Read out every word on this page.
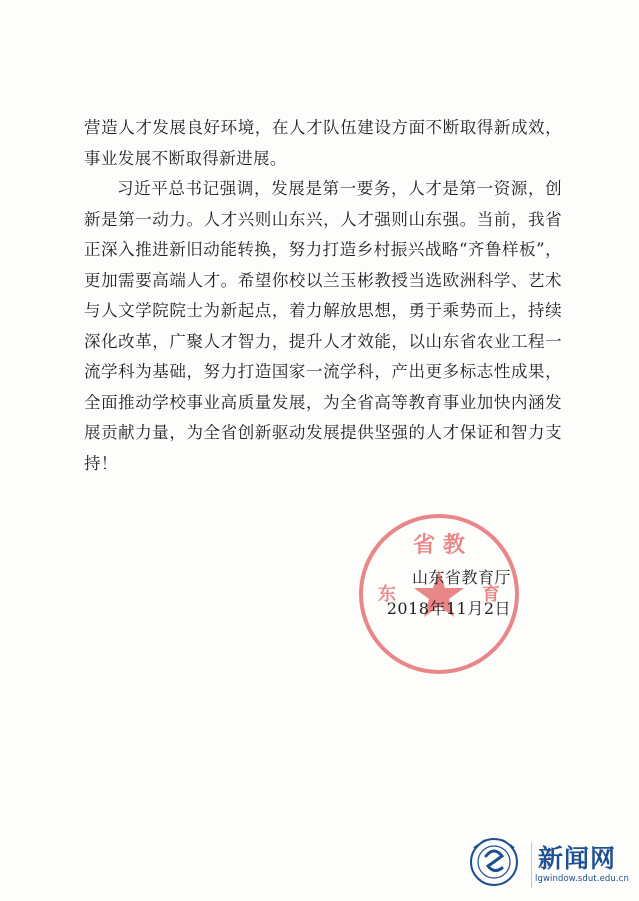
营造人才发展良好环境，在人才队伍建设方面不断取得新成效，事业发展不断取得新进展。

习近平总书记强调，发展是第一要务，人才是第一资源，创新是第一动力。人才兴则山东兴，人才强则山东强。当前，我省正深入推进新旧动能转换，努力打造乡村振兴战略“齐鲁样板”，更加需要高端人才。希望你校以兰玉彬教授当选欧洲科学、艺术与人文学院院士为新起点，着力解放思想，勇于乘势而上，持续深化改革，广聚人才智力，提升人才效能，以山东省农业工程一流学科为基础，努力打造国家一流学科，产出更多标志性成果，全面推动学校事业高质量发展，为全省高等教育事业加快内涵发展贡献力量，为全省创新驱动发展提供坚强的人才保证和智力支持！

省 教
东	育
山东省教育厅
2018年11月2日
新闻网
lgwindow.sdut.edu.cn
